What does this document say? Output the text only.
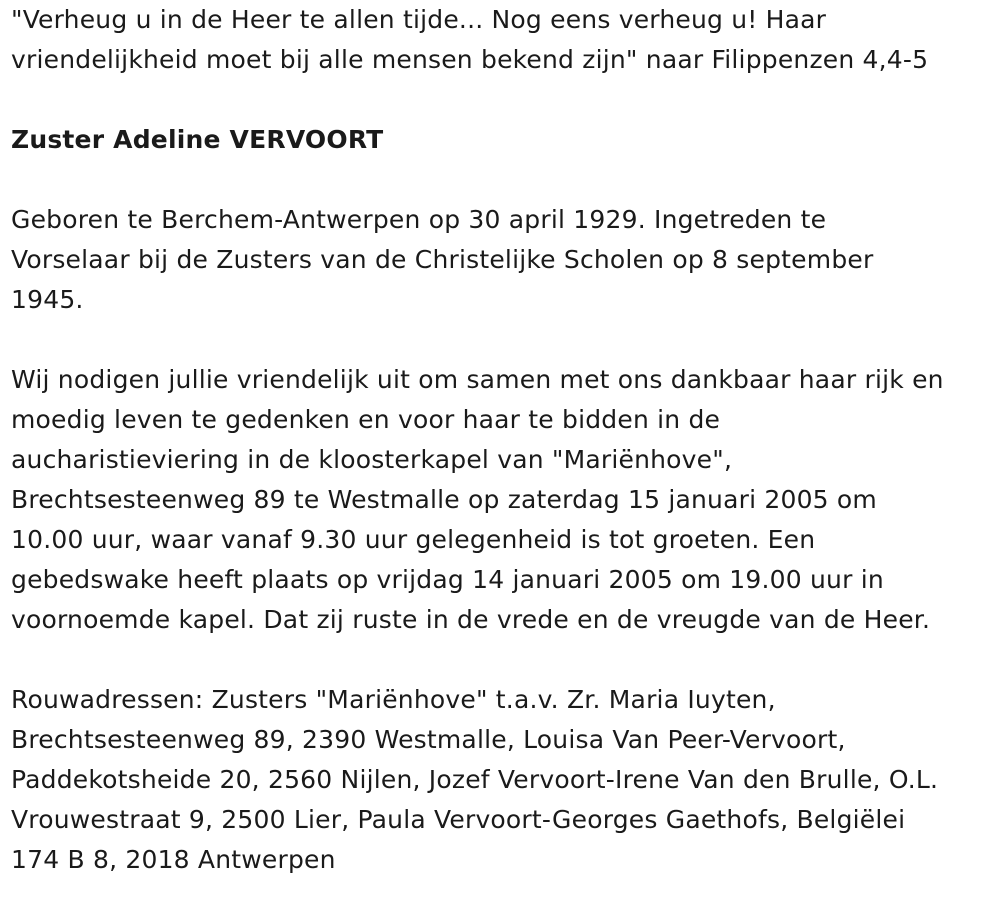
"Verheug u in de Heer te allen tijde... Nog eens verheug u! Haar
vriendelijkheid moet bij alle mensen bekend zijn" naar Filippenzen 4,4-5
Zuster Adeline VERVOORT
Geboren te Berchem-Antwerpen op 30 april 1929. Ingetreden te
Vorselaar bij de Zusters van de Christelijke Scholen op 8 september
1945.
Wij nodigen jullie vriendelijk uit om samen met ons dankbaar haar rijk en
moedig leven te gedenken en voor haar te bidden in de
aucharistieviering in de kloosterkapel van "Mariënhove",
Brechtsesteenweg 89 te Westmalle op zaterdag 15 januari 2005 om
10.00 uur, waar vanaf 9.30 uur gelegenheid is tot groeten. Een
gebedswake heeft plaats op vrijdag 14 januari 2005 om 19.00 uur in
voornoemde kapel. Dat zij ruste in de vrede en de vreugde van de Heer.
Rouwadressen: Zusters "Mariënhove" t.a.v. Zr. Maria Iuyten,
Brechtsesteenweg 89, 2390 Westmalle, Louisa Van Peer-Vervoort,
Paddekotsheide 20, 2560 Nijlen, Jozef Vervoort-Irene Van den Brulle, O.L.
Vrouwestraat 9, 2500 Lier, Paula Vervoort-Georges Gaethofs, Belgiëlei
174 B 8, 2018 Antwerpen
